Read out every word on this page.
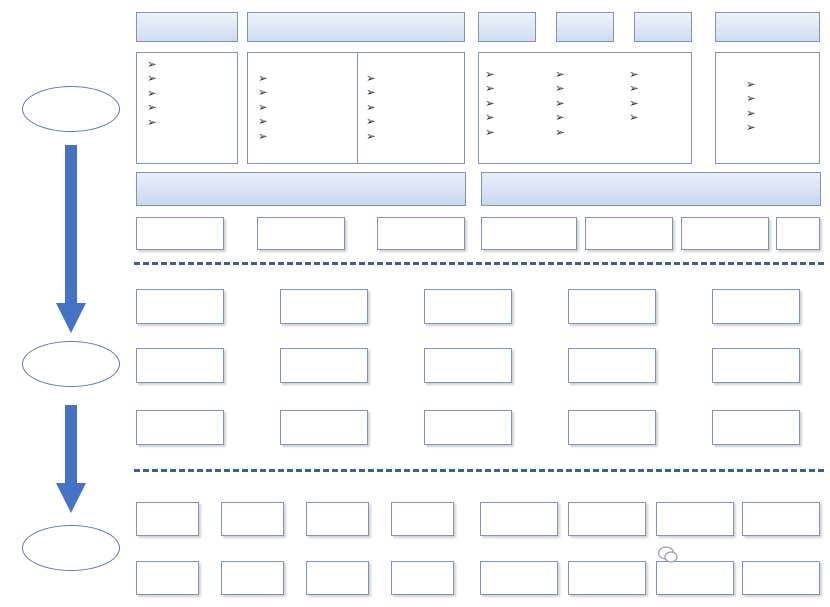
➢
➢
➢
➢
➢
➢
➢
➢
➢
➢
➢
➢
➢
➢
➢
➢
➢
➢
➢
➢
➢
➢
➢
➢
➢
➢
➢
➢
➢
➢
➢
➢
➢
